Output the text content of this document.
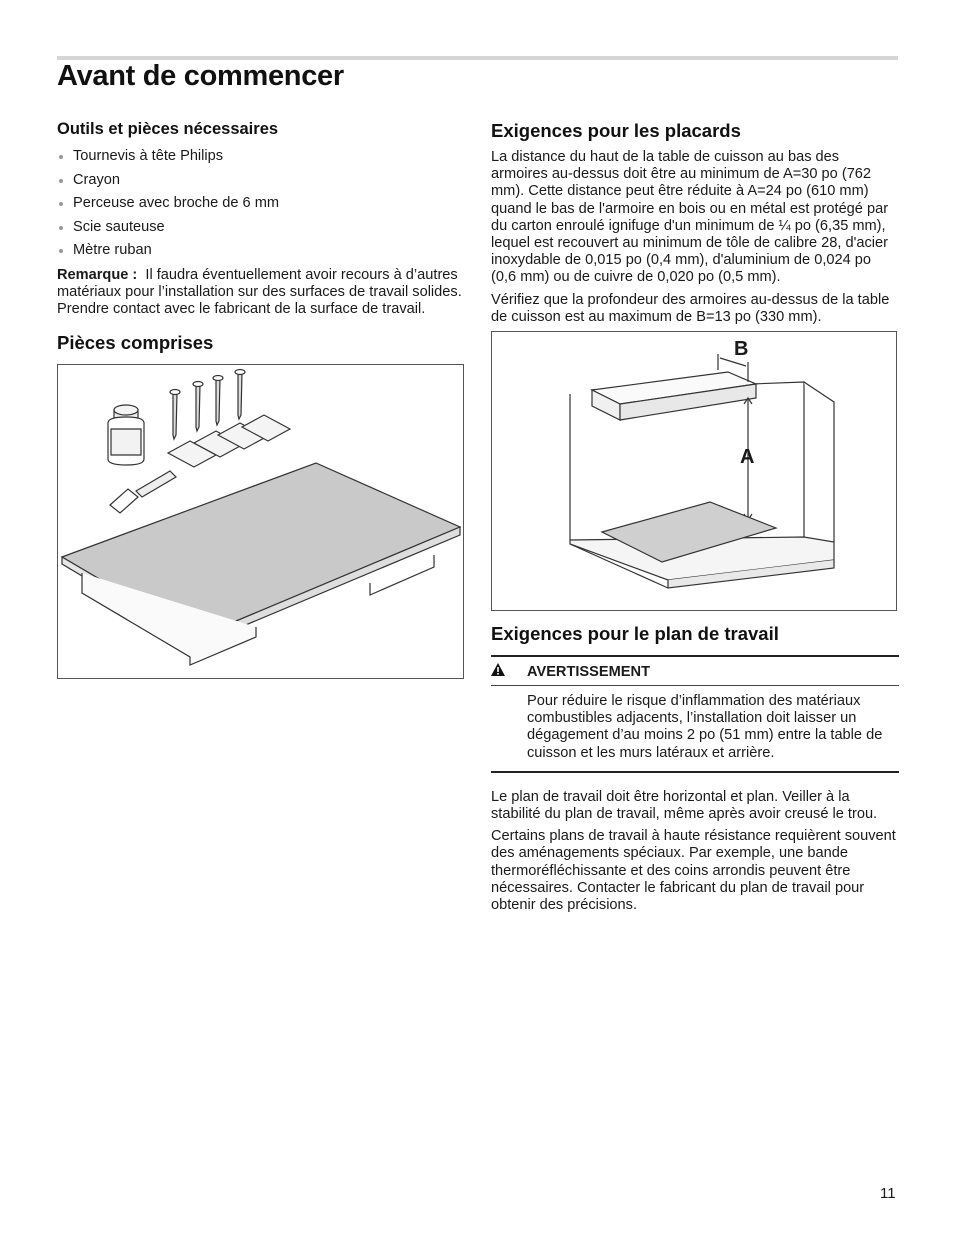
Avant de commencer
Outils et pièces nécessaires
Tournevis à tête Philips
Crayon
Perceuse avec broche de 6 mm
Scie sauteuse
Mètre ruban

Remarque : Il faudra éventuellement avoir recours à d’autres matériaux pour l’installation sur des surfaces de travail solides. Prendre contact avec le fabricant de la surface de travail.

Pièces comprises
Exigences pour les placards

La distance du haut de la table de cuisson au bas des armoires au-dessus doit être au minimum de A=30 po (762 mm). Cette distance peut être réduite à A=24 po (610 mm) quand le bas de l'armoire en bois ou en métal est protégé par du carton enroulé ignifuge d'un minimum de ¼ po (6,35 mm), lequel est recouvert au minimum de tôle de calibre 28, d'acier inoxydable de 0,015 po (0,4 mm), d'aluminium de 0,024 po (0,6 mm) ou de cuivre de 0,020 po (0,5 mm).

Vérifiez que la profondeur des armoires au-dessus de la table de cuisson est au maximum de B=13 po (330 mm).

B
A
Exigences pour le plan de travail
AVERTISSEMENT

Pour réduire le risque d’inflammation des matériaux combustibles adjacents, l’installation doit laisser un dégagement d’au moins 2 po (51 mm) entre la table de cuisson et les murs latéraux et arrière.

Le plan de travail doit être horizontal et plan. Veiller à la stabilité du plan de travail, même après avoir creusé le trou.

Certains plans de travail à haute résistance requièrent souvent des aménagements spéciaux. Par exemple, une bande thermoréfléchissante et des coins arrondis peuvent être nécessaires. Contacter le fabricant du plan de travail pour obtenir des précisions.

11
